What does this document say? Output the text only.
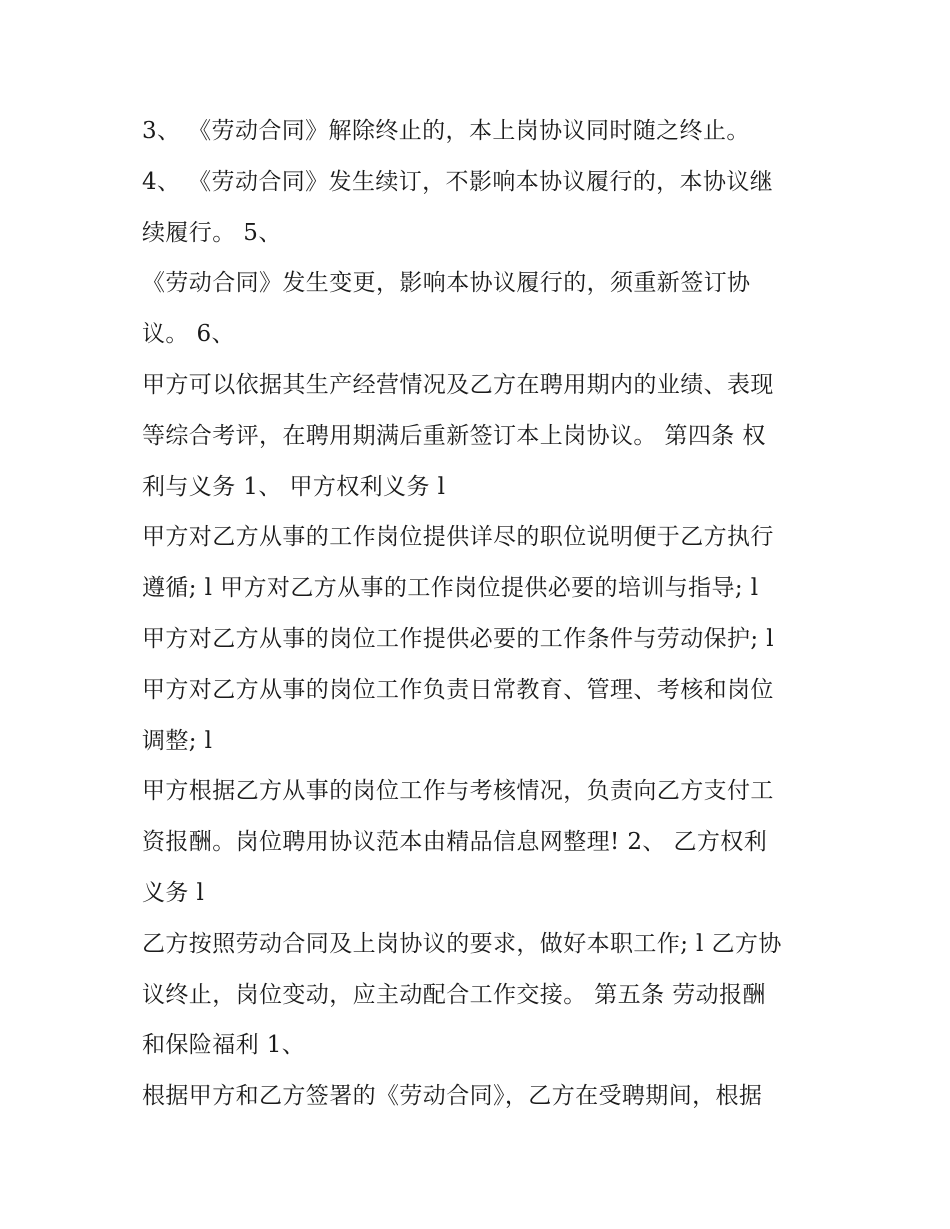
3、 《劳动合同》解除终止的，本上岗协议同时随之终止。
4、 《劳动合同》发生续订，不影响本协议履行的，本协议继
续履行。 5、
《劳动合同》发生变更，影响本协议履行的，须重新签订协
议。 6、
甲方可以依据其生产经营情况及乙方在聘用期内的业绩、表现
等综合考评，在聘用期满后重新签订本上岗协议。 第四条 权
利与义务 1、 甲方权利义务 l
甲方对乙方从事的工作岗位提供详尽的职位说明便于乙方执行
遵循; l 甲方对乙方从事的工作岗位提供必要的培训与指导; l
甲方对乙方从事的岗位工作提供必要的工作条件与劳动保护; l
甲方对乙方从事的岗位工作负责日常教育、管理、考核和岗位
调整; l
甲方根据乙方从事的岗位工作与考核情况，负责向乙方支付工
资报酬。岗位聘用协议范本由精品信息网整理! 2、 乙方权利
义务 l
乙方按照劳动合同及上岗协议的要求，做好本职工作; l 乙方协
议终止，岗位变动，应主动配合工作交接。 第五条 劳动报酬
和保险福利 1、
根据甲方和乙方签署的《劳动合同》，乙方在受聘期间，根据
